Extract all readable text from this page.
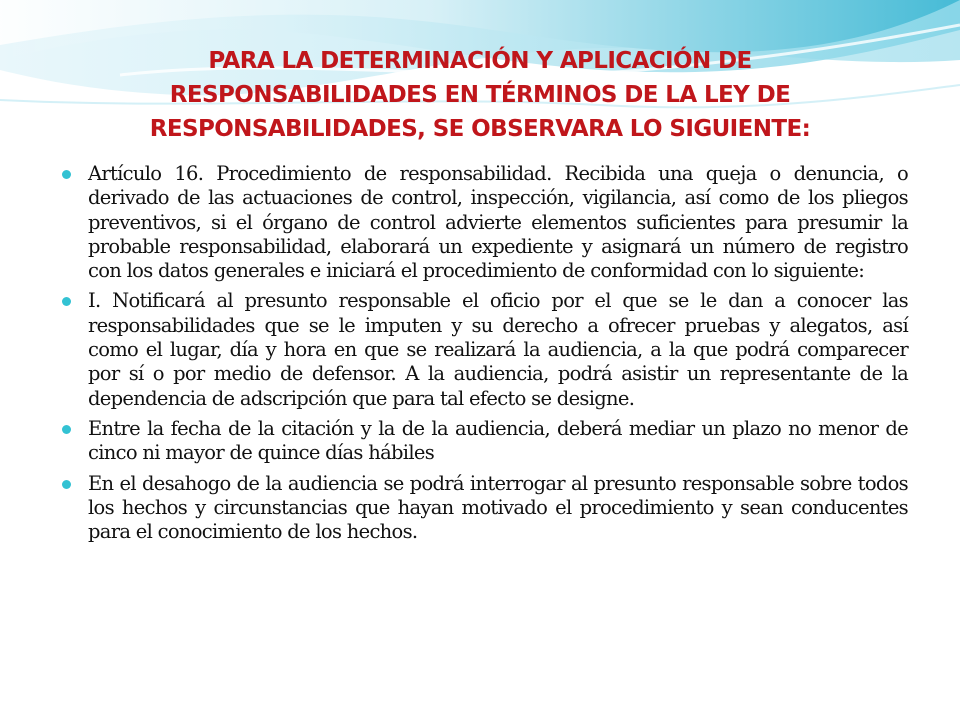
PARA LA DETERMINACIÓN Y APLICACIÓN DE RESPONSABILIDADES EN TÉRMINOS DE LA LEY DE RESPONSABILIDADES, SE OBSERVARA LO SIGUIENTE:
Artículo 16. Procedimiento de responsabilidad. Recibida una queja o denuncia, o derivado de las actuaciones de control, inspección, vigilancia, así como de los pliegos preventivos, si el órgano de control advierte elementos suficientes para presumir la probable responsabilidad, elaborará un expediente y asignará un número de registro con los datos generales e iniciará el procedimiento de conformidad con lo siguiente:
I. Notificará al presunto responsable el oficio por el que se le dan a conocer las responsabilidades que se le imputen y su derecho a ofrecer pruebas y alegatos, así como el lugar, día y hora en que se realizará la audiencia, a la que podrá comparecer por sí o por medio de defensor. A la audiencia, podrá asistir un representante de la dependencia de adscripción que para tal efecto se designe.
Entre la fecha de la citación y la de la audiencia, deberá mediar un plazo no menor de cinco ni mayor de quince días hábiles
En el desahogo de la audiencia se podrá interrogar al presunto responsable sobre todos los hechos y circunstancias que hayan motivado el procedimiento y sean conducentes para el conocimiento de los hechos.
